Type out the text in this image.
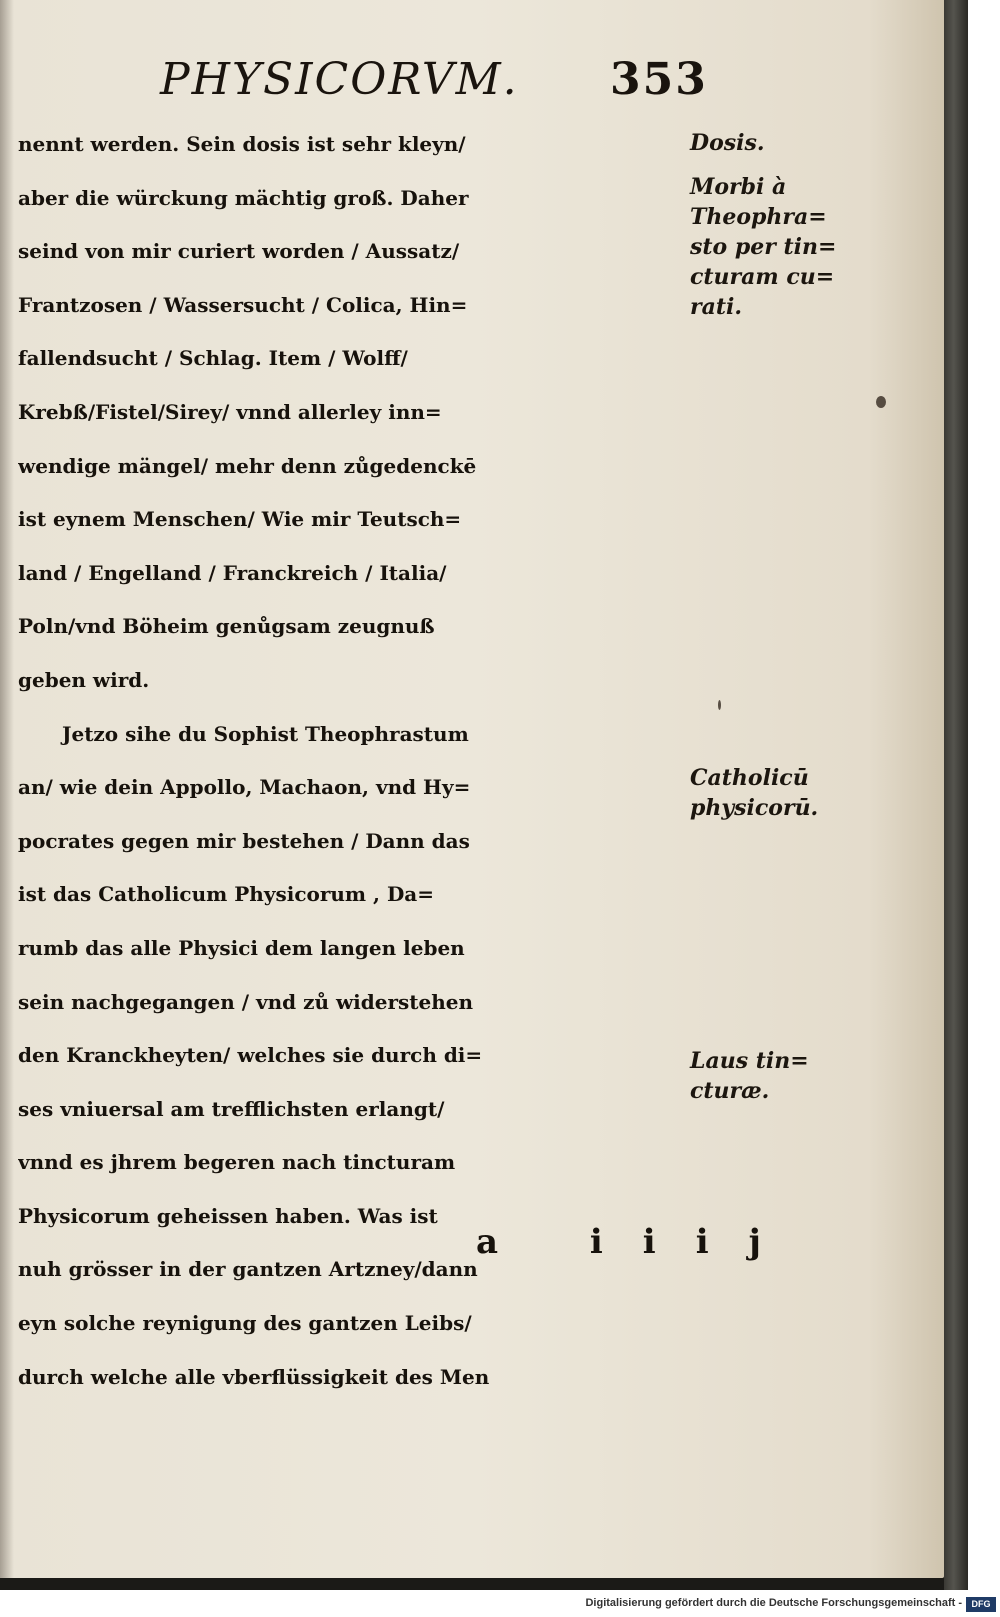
PHYSICORVM. 353
nennt werden. Sein dosis ist sehr kleyn/
aber die würckung mächtig groß. Daher
seind von mir curiert worden / Aussatz/
Frantzosen / Wassersucht / Colica, Hin=
fallendsucht / Schlag. Item / Wolff/
Krebß/Fistel/Sirey/ vnnd allerley inn=
wendige mängel/ mehr denn zůgedenckē
ist eynem Menschen/ Wie mir Teutsch=
land / Engelland / Franckreich / Italia/
Poln/vnd Böheim genůgsam zeugnuß
geben wird.
Jetzo sihe du Sophist Theophrastum
an/ wie dein Appollo, Machaon, vnd Hy=
pocrates gegen mir bestehen / Dann das
ist das Catholicum Physicorum , Da=
rumb das alle Physici dem langen leben
sein nachgegangen / vnd zů widerstehen
den Kranckheyten/ welches sie durch di=
ses vniuersal am trefflichsten erlangt/
vnnd es jhrem begeren nach tincturam
Physicorum geheissen haben. Was ist
nuh grösser in der gantzen Artzney/dann
eyn solche reynigung des gantzen Leibs/
durch welche alle vberflüssigkeit des Men
Dosis.
Morbi à
Theophra=
sto per tin=
cturam cu=
rati.
Catholicū
physicorū.
Laus tin=
cturæ.
a iiij
Digitalisierung gefördert durch die Deutsche Forschungsgemeinschaft -	DFG
